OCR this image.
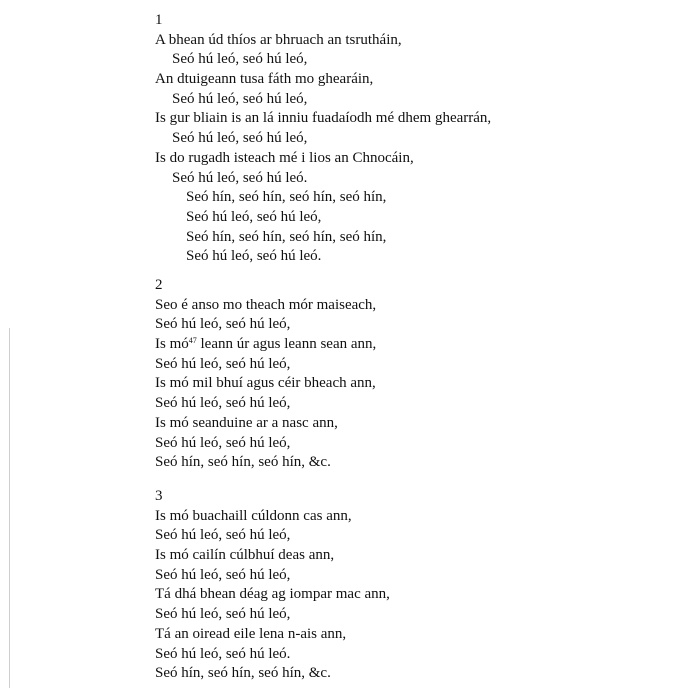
1
A bhean úd thíos ar bhruach an tsrutháin,
Seó hú leó, seó hú leó,
An dtuigeann tusa fáth mo ghearáin,
Seó hú leó, seó hú leó,
Is gur bliain is an lá inniu fuadaíodh mé dhem ghearrán,
Seó hú leó, seó hú leó,
Is do rugadh isteach mé i lios an Chnocáin,
Seó hú leó, seó hú leó.
Seó hín, seó hín, seó hín, seó hín,
Seó hú leó, seó hú leó,
Seó hín, seó hín, seó hín, seó hín,
Seó hú leó, seó hú leó.
2
Seo é anso mo theach mór maiseach,
Seó hú leó, seó hú leó,
Is $mó^{47}$ leann úr agus leann sean ann,
Seó hú leó, seó hú leó,
Is mó mil bhuí agus céir bheach ann,
Seó hú leó, seó hú leó,
Is mó seanduine ar a nasc ann,
Seó hú leó, seó hú leó,
Seó hín, seó hín, seó hín, &c.
3
Is mó buachaill cúldonn cas ann,
Seó hú leó, seó hú leó,
Is mó cailín cúlbhuí deas ann,
Seó hú leó, seó hú leó,
Tá dhá bhean déag ag iompar mac ann,
Seó hú leó, seó hú leó,
Tá an oiread eile lena n-ais ann,
Seó hú leó, seó hú leó.
Seó hín, seó hín, seó hín, &c.
